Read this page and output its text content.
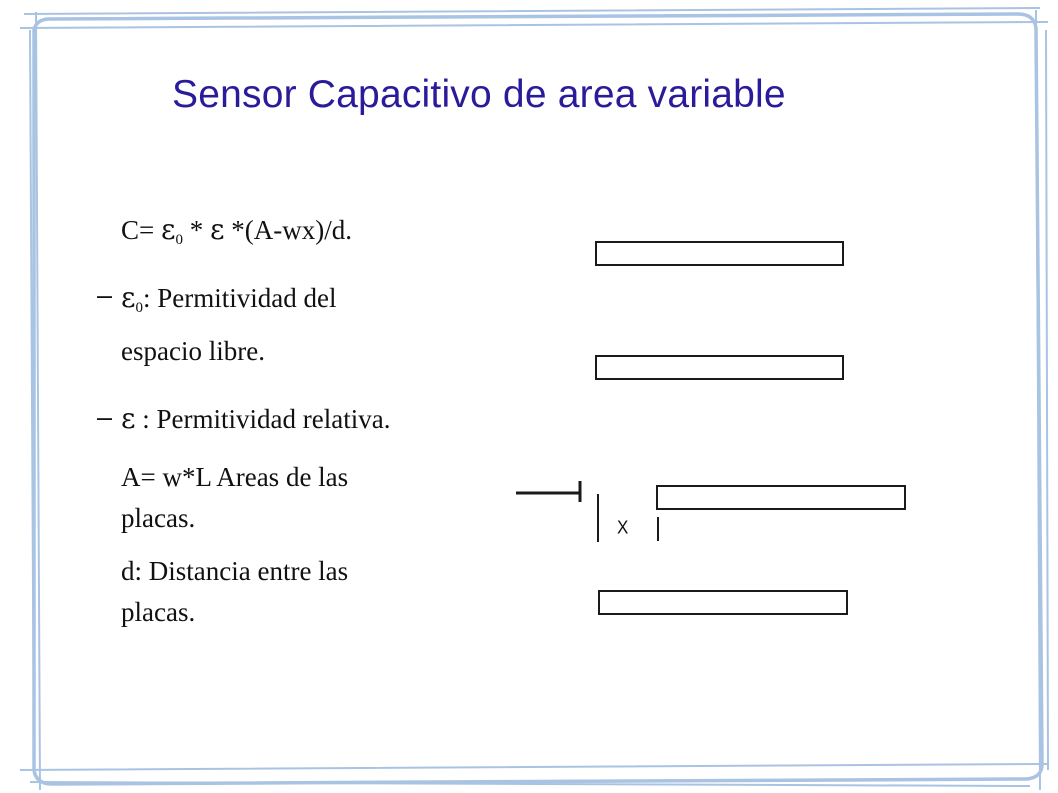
Sensor Capacitivo de area variable
C= ε0 * ε *(A-wx)/d.
– ε0: Permitividad del
espacio libre.
– ε : Permitividad relativa.
A= w*L Areas de las
placas.
d: Distancia entre las
placas.
X
